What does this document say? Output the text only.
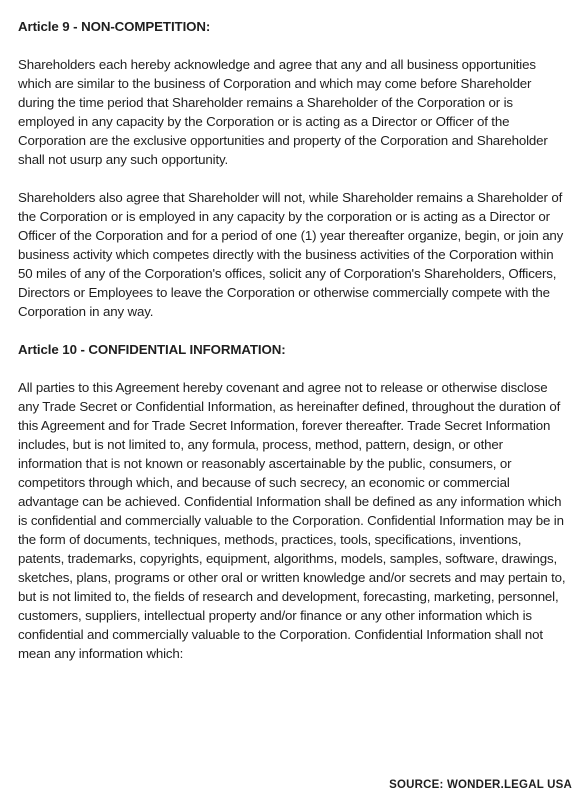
Article 9 - NON-COMPETITION:
Shareholders each hereby acknowledge and agree that any and all business opportunities which are similar to the business of Corporation and which may come before Shareholder during the time period that Shareholder remains a Shareholder of the Corporation or is employed in any capacity by the Corporation or is acting as a Director or Officer of the Corporation are the exclusive opportunities and property of the Corporation and Shareholder shall not usurp any such opportunity.
Shareholders also agree that Shareholder will not, while Shareholder remains a Shareholder of the Corporation or is employed in any capacity by the corporation or is acting as a Director or Officer of the Corporation and for a period of one (1) year thereafter organize, begin, or join any business activity which competes directly with the business activities of the Corporation within 50 miles of any of the Corporation's offices, solicit any of Corporation's Shareholders, Officers, Directors or Employees to leave the Corporation or otherwise commercially compete with the Corporation in any way.
Article 10 - CONFIDENTIAL INFORMATION:
All parties to this Agreement hereby covenant and agree not to release or otherwise disclose any Trade Secret or Confidential Information, as hereinafter defined, throughout the duration of this Agreement and for Trade Secret Information, forever thereafter. Trade Secret Information includes, but is not limited to, any formula, process, method, pattern, design, or other information that is not known or reasonably ascertainable by the public, consumers, or competitors through which, and because of such secrecy, an economic or commercial advantage can be achieved. Confidential Information shall be defined as any information which is confidential and commercially valuable to the Corporation. Confidential Information may be in the form of documents, techniques, methods, practices, tools, specifications, inventions, patents, trademarks, copyrights, equipment, algorithms, models, samples, software, drawings, sketches, plans, programs or other oral or written knowledge and/or secrets and may pertain to, but is not limited to, the fields of research and development, forecasting, marketing, personnel, customers, suppliers, intellectual property and/or finance or any other information which is confidential and commercially valuable to the Corporation. Confidential Information shall not mean any information which:
SOURCE: WONDER.LEGAL USA
